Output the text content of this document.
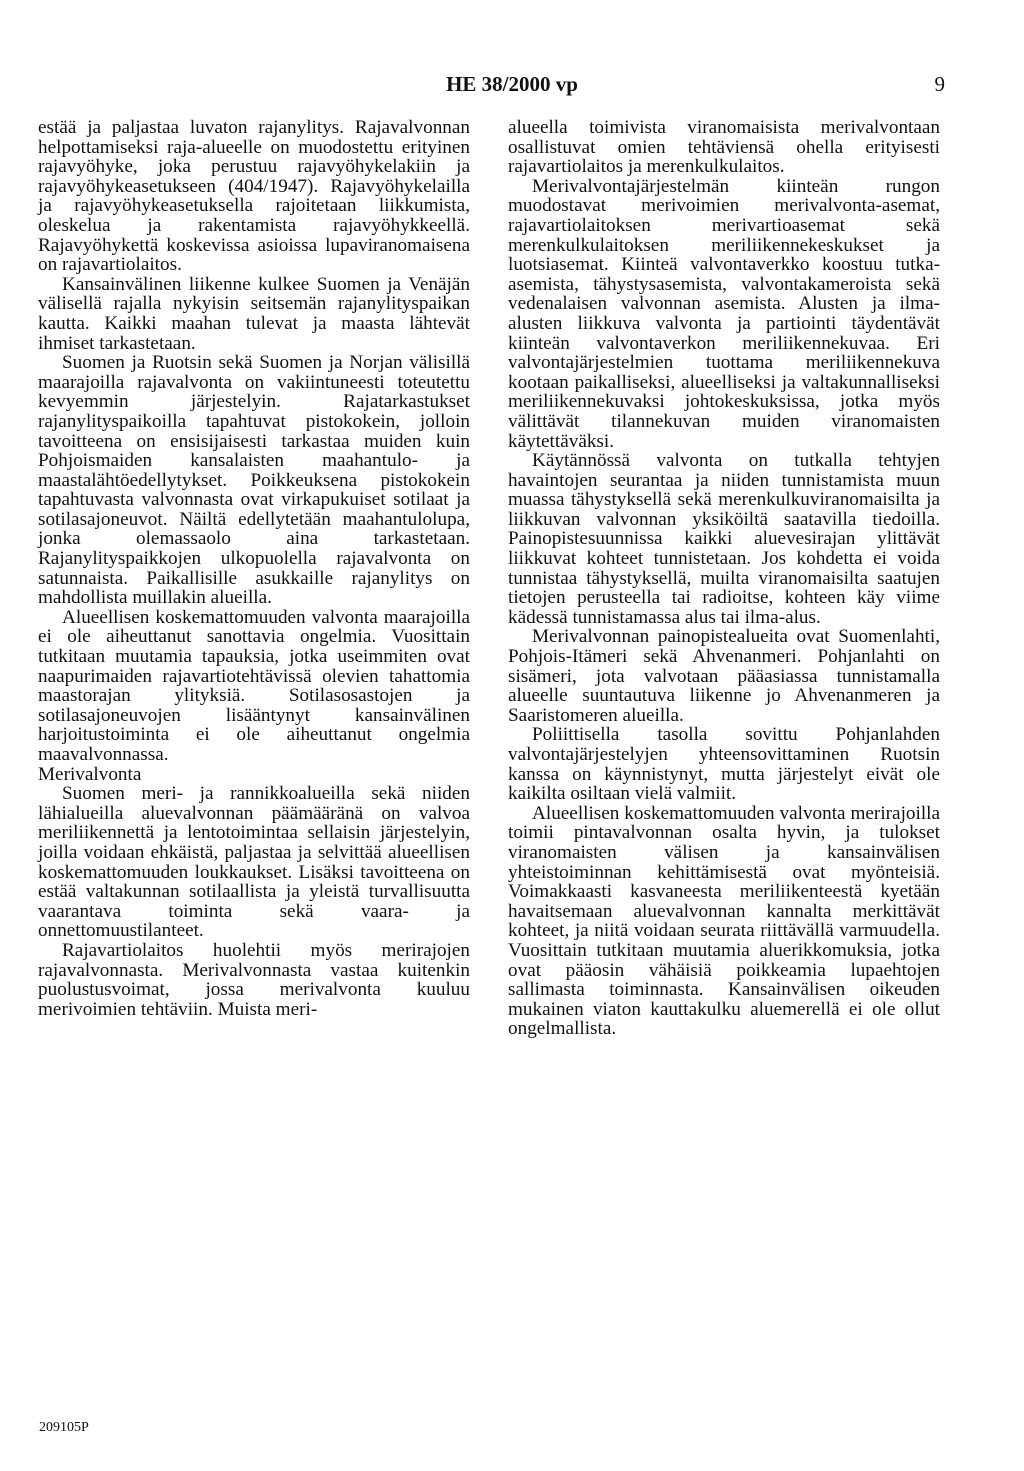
HE 38/2000 vp	9

estää ja paljastaa luvaton rajanylitys. Rajavalvonnan helpottamiseksi raja-alueelle on muodostettu erityinen rajavyöhyke, joka perustuu rajavyöhykelakiin ja rajavyöhykeasetukseen (404/1947). Rajavyöhykelailla ja rajavyöhykeasetuksella rajoitetaan liikkumista, oleskelua ja rakentamista rajavyöhykkeellä. Rajavyöhykettä koskevissa asioissa lupaviranomaisena on rajavartiolaitos.

Kansainvälinen liikenne kulkee Suomen ja Venäjän välisellä rajalla nykyisin seitsemän rajanylityspaikan kautta. Kaikki maahan tulevat ja maasta lähtevät ihmiset tarkastetaan.

Suomen ja Ruotsin sekä Suomen ja Norjan välisillä maarajoilla rajavalvonta on vakiintuneesti toteutettu kevyemmin järjestelyin. Rajatarkastukset rajanylityspaikoilla tapahtuvat pistokokein, jolloin tavoitteena on ensisijaisesti tarkastaa muiden kuin Pohjoismaiden kansalaisten maahantulo- ja maastalähtöedellytykset. Poikkeuksena pistokokein tapahtuvasta valvonnasta ovat virkapukuiset sotilaat ja sotilasajoneuvot. Näiltä edellytetään maahantulolupa, jonka olemassaolo aina tarkastetaan. Rajanylityspaikkojen ulkopuolella rajavalvonta on satunnaista. Paikallisille asukkaille rajanylitys on mahdollista muillakin alueilla.

Alueellisen koskemattomuuden valvonta maarajoilla ei ole aiheuttanut sanottavia ongelmia. Vuosittain tutkitaan muutamia tapauksia, jotka useimmiten ovat naapurimaiden rajavartiotehtävissä olevien tahattomia maastorajan ylityksiä. Sotilasosastojen ja sotilasajoneuvojen lisääntynyt kansainvälinen harjoitustoiminta ei ole aiheuttanut ongelmia maavalvonnassa.

Merivalvonta

Suomen meri- ja rannikkoalueilla sekä niiden lähialueilla aluevalvonnan päämääränä on valvoa meriliikennettä ja lentotoimintaa sellaisin järjestelyin, joilla voidaan ehkäistä, paljastaa ja selvittää alueellisen koskemattomuuden loukkaukset. Lisäksi tavoitteena on estää valtakunnan sotilaallista ja yleistä turvallisuutta vaarantava toiminta sekä vaara- ja onnettomuustilanteet.

Rajavartiolaitos huolehtii myös merirajojen rajavalvonnasta. Merivalvonnasta vastaa kuitenkin puolustusvoimat, jossa merivalvonta kuuluu merivoimien tehtäviin. Muista meri-

alueella toimivista viranomaisista merivalvontaan osallistuvat omien tehtäviensä ohella erityisesti rajavartiolaitos ja merenkulkulaitos.

Merivalvontajärjestelmän kiinteän rungon muodostavat merivoimien merivalvonta-asemat, rajavartiolaitoksen merivartioasemat sekä merenkulkulaitoksen meriliikennekeskukset ja luotsiasemat. Kiinteä valvontaverkko koostuu tutka-asemista, tähystysasemista, valvontakameroista sekä vedenalaisen valvonnan asemista. Alusten ja ilma-alusten liikkuva valvonta ja partiointi täydentävät kiinteän valvontaverkon meriliikennekuvaa. Eri valvontajärjestelmien tuottama meriliikennekuva kootaan paikalliseksi, alueelliseksi ja valtakunnalliseksi meriliikennekuvaksi johtokeskuksissa, jotka myös välittävät tilannekuvan muiden viranomaisten käytettäväksi.

Käytännössä valvonta on tutkalla tehtyjen havaintojen seurantaa ja niiden tunnistamista muun muassa tähystyksellä sekä merenkulkuviranomaisilta ja liikkuvan valvonnan yksiköiltä saatavilla tiedoilla. Painopistesuunnissa kaikki aluevesirajan ylittävät liikkuvat kohteet tunnistetaan. Jos kohdetta ei voida tunnistaa tähystyksellä, muilta viranomaisilta saatujen tietojen perusteella tai radioitse, kohteen käy viime kädessä tunnistamassa alus tai ilma-alus.

Merivalvonnan painopistealueita ovat Suomenlahti, Pohjois-Itämeri sekä Ahvenanmeri. Pohjanlahti on sisämeri, jota valvotaan pääasiassa tunnistamalla alueelle suuntautuva liikenne jo Ahvenanmeren ja Saaristomeren alueilla.

Poliittisella tasolla sovittu Pohjanlahden valvontajärjestelyjen yhteensovittaminen Ruotsin kanssa on käynnistynyt, mutta järjestelyt eivät ole kaikilta osiltaan vielä valmiit.

Alueellisen koskemattomuuden valvonta merirajoilla toimii pintavalvonnan osalta hyvin, ja tulokset viranomaisten välisen ja kansainvälisen yhteistoiminnan kehittämisestä ovat myönteisiä. Voimakkaasti kasvaneesta meriliikenteestä kyetään havaitsemaan aluevalvonnan kannalta merkittävät kohteet, ja niitä voidaan seurata riittävällä varmuudella. Vuosittain tutkitaan muutamia aluerikkomuksia, jotka ovat pääosin vähäisiä poikkeamia lupaehtojen sallimasta toiminnasta. Kansainvälisen oikeuden mukainen viaton kauttakulku aluemerellä ei ole ollut ongelmallista.

209105P
